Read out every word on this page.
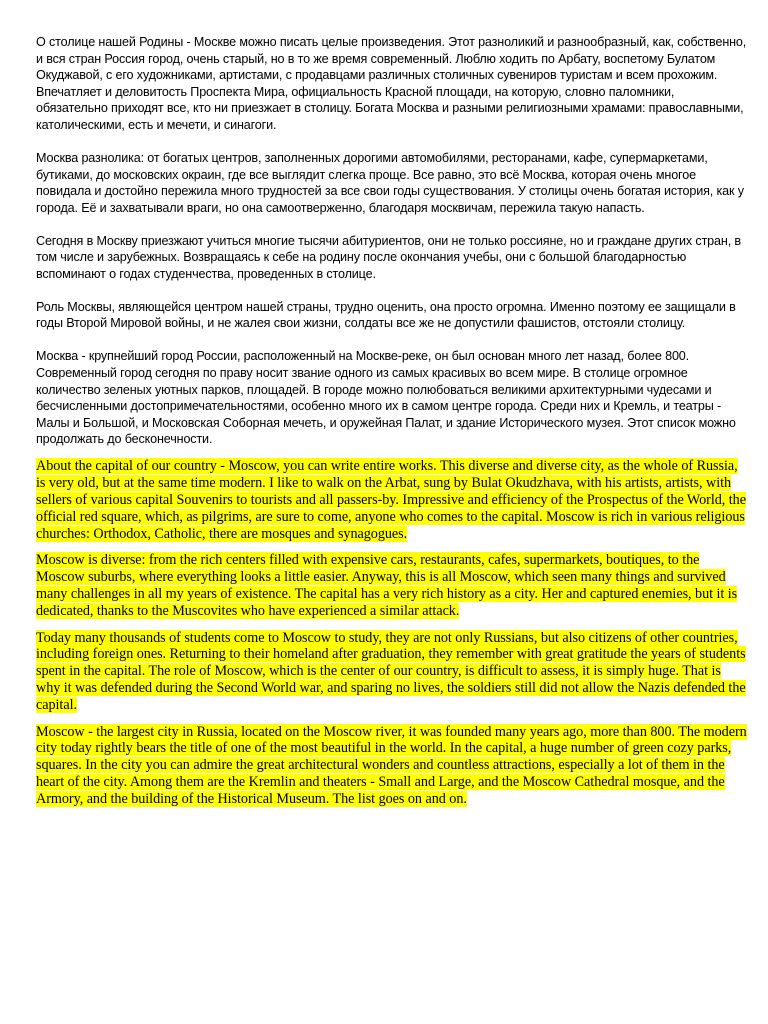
О столице нашей Родины - Москве можно писать целые произведения. Этот разноликий и разнообразный, как, собственно, и вся стран Россия город, очень старый, но в то же время современный. Люблю ходить по Арбату, воспетому Булатом Окуджавой, с его художниками, артистами, с продавцами различных столичных сувениров туристам и всем прохожим. Впечатляет и деловитость Проспекта Мира, официальность Красной площади, на которую, словно паломники, обязательно приходят все, кто ни приезжает в столицу. Богата Москва и разными религиозными храмами: православными, католическими, есть и мечети, и синагоги.

Москва разнолика: от богатых центров, заполненных дорогими автомобилями, ресторанами, кафе, супермаркетами, бутиками, до московских окраин, где все выглядит слегка проще. Все равно, это всё Москва, которая очень многое повидала и достойно пережила много трудностей за все свои годы существования. У столицы очень богатая история, как у города. Её и захватывали враги, но она самоотверженно, благодаря москвичам, пережила такую напасть.

Сегодня в Москву приезжают учиться многие тысячи абитуриентов, они не только россияне, но и граждане других стран, в том числе и зарубежных. Возвращаясь к себе на родину после окончания учебы, они с большой благодарностью вспоминают о годах студенчества, проведенных в столице.

Роль Москвы, являющейся центром нашей страны, трудно оценить, она просто огромна. Именно поэтому ее защищали в годы Второй Мировой войны, и не жалея свои жизни, солдаты все же не допустили фашистов, отстояли столицу.

Москва - крупнейший город России, расположенный на Москве-реке, он был основан много лет назад, более 800. Современный город сегодня по праву носит звание одного из самых красивых во всем мире. В столице огромное количество зеленых уютных парков, площадей. В городе можно полюбоваться великими архитектурными чудесами и бесчисленными достопримечательностями, особенно много их в самом центре города. Среди них и Кремль, и театры - Малы и Большой, и Московская Соборная мечеть, и оружейная Палат, и здание Исторического музея. Этот список можно продолжать до бесконечности.

About the capital of our country - Moscow, you can write entire works. This diverse and diverse city, as the whole of Russia, is very old, but at the same time modern. I like to walk on the Arbat, sung by Bulat Okudzhava, with his artists, artists, with sellers of various capital Souvenirs to tourists and all passers-by. Impressive and efficiency of the Prospectus of the World, the official red square, which, as pilgrims, are sure to come, anyone who comes to the capital. Moscow is rich in various religious churches: Orthodox, Catholic, there are mosques and synagogues.

Moscow is diverse: from the rich centers filled with expensive cars, restaurants, cafes, supermarkets, boutiques, to the Moscow suburbs, where everything looks a little easier. Anyway, this is all Moscow, which seen many things and survived many challenges in all my years of existence. The capital has a very rich history as a city. Her and captured enemies, but it is dedicated, thanks to the Muscovites who have experienced a similar attack.

Today many thousands of students come to Moscow to study, they are not only Russians, but also citizens of other countries, including foreign ones. Returning to their homeland after graduation, they remember with great gratitude the years of students spent in the capital. The role of Moscow, which is the center of our country, is difficult to assess, it is simply huge. That is why it was defended during the Second World war, and sparing no lives, the soldiers still did not allow the Nazis defended the capital.

Moscow - the largest city in Russia, located on the Moscow river, it was founded many years ago, more than 800. The modern city today rightly bears the title of one of the most beautiful in the world. In the capital, a huge number of green cozy parks, squares. In the city you can admire the great architectural wonders and countless attractions, especially a lot of them in the heart of the city. Among them are the Kremlin and theaters - Small and Large, and the Moscow Cathedral mosque, and the Armory, and the building of the Historical Museum. The list goes on and on.
